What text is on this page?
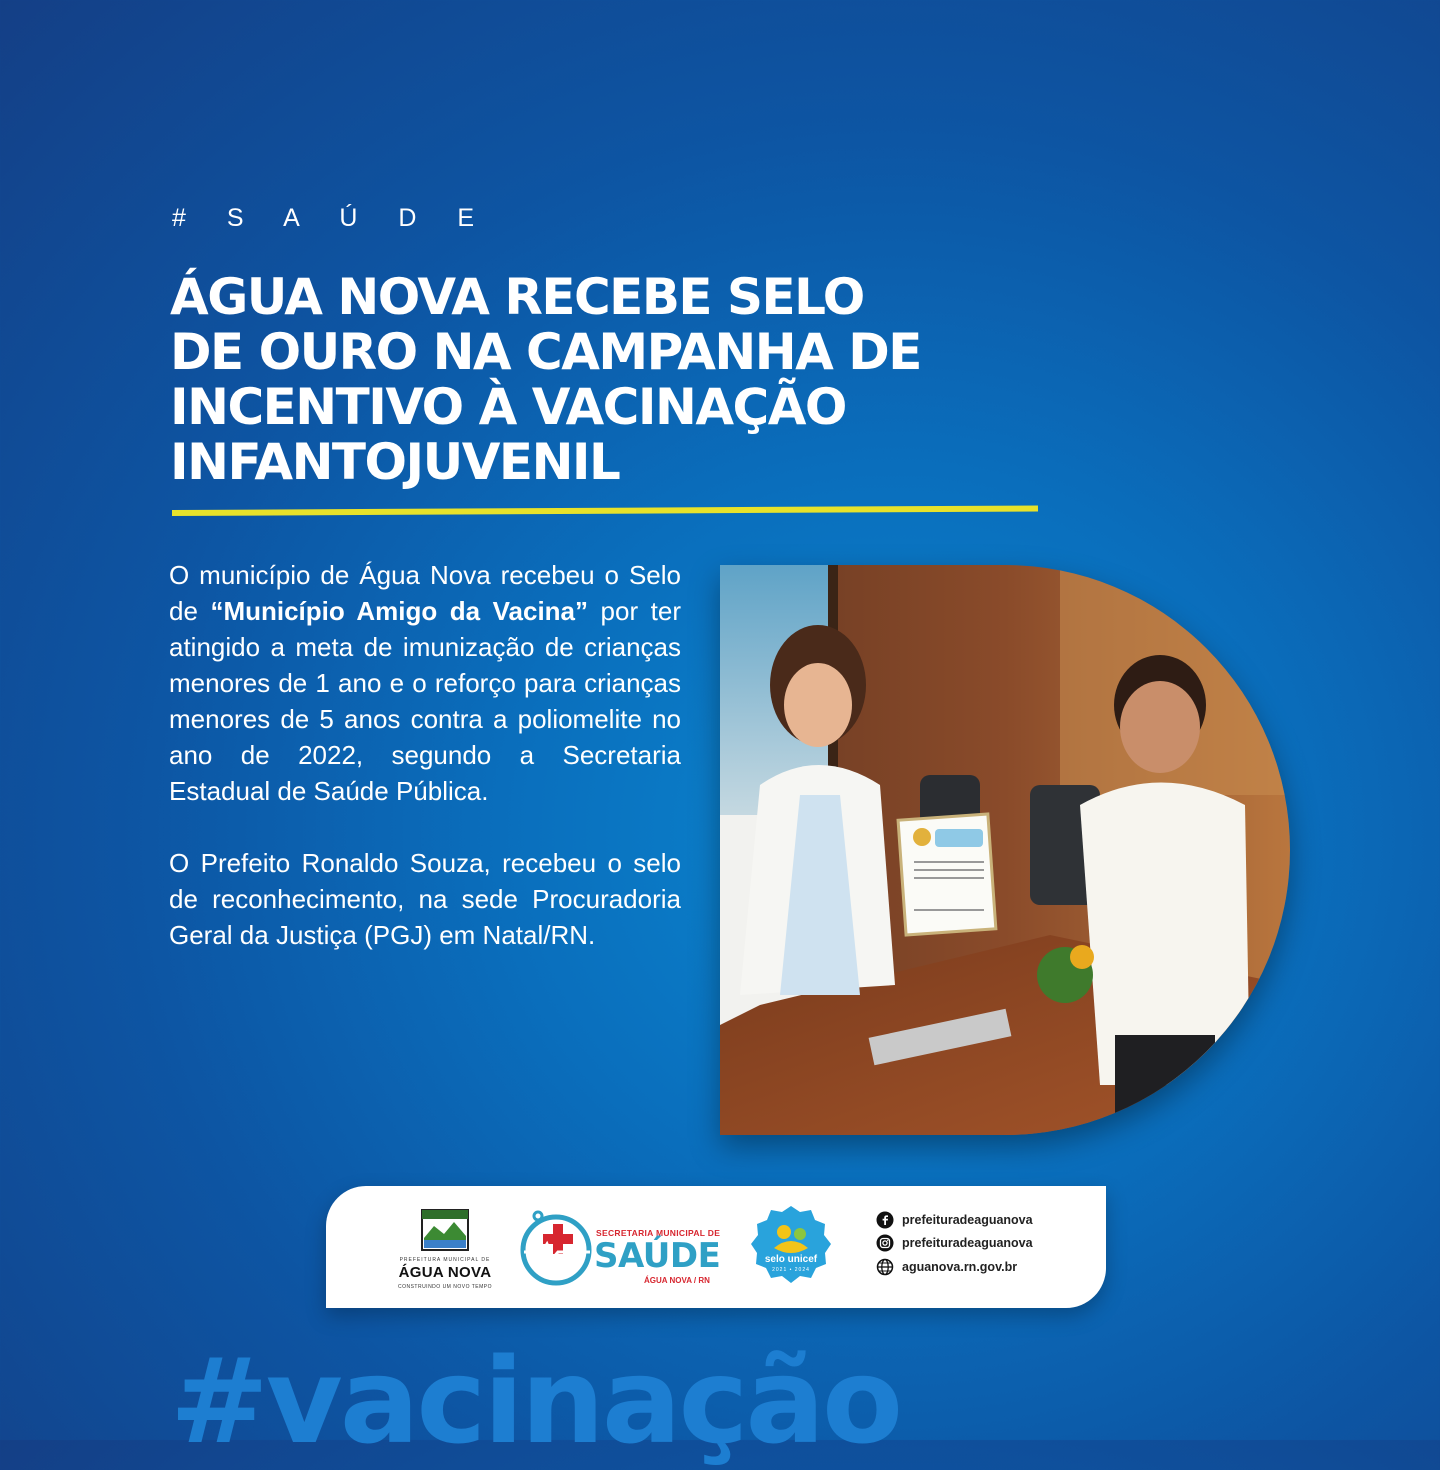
# S A Ú D E
ÁGUA NOVA RECEBE SELO
DE OURO NA CAMPANHA DE
INCENTIVO À VACINAÇÃO
INFANTOJUVENIL

O município de Água Nova recebeu o Selo de “Município Amigo da Vacina” por ter atingido a meta de imunização de crianças menores de 1 ano e o reforço para crianças menores de 5 anos contra a poliomelite no ano de 2022, segundo a Secretaria Estadual de Saúde Pública.

O Prefeito Ronaldo Souza, recebeu o selo de reconhecimento, na sede Procuradoria Geral da Justiça (PGJ) em Natal/RN.

PREFEITURA MUNICIPAL DE
ÁGUA NOVA
CONSTRUINDO UM NOVO TEMPO
SECRETARIA MUNICIPAL DE
SAÚDE
ÁGUA NOVA / RN
selo unicef
2021 • 2024
prefeituradeaguanova
prefeituradeaguanova
aguanova.rn.gov.br
#vacinação
